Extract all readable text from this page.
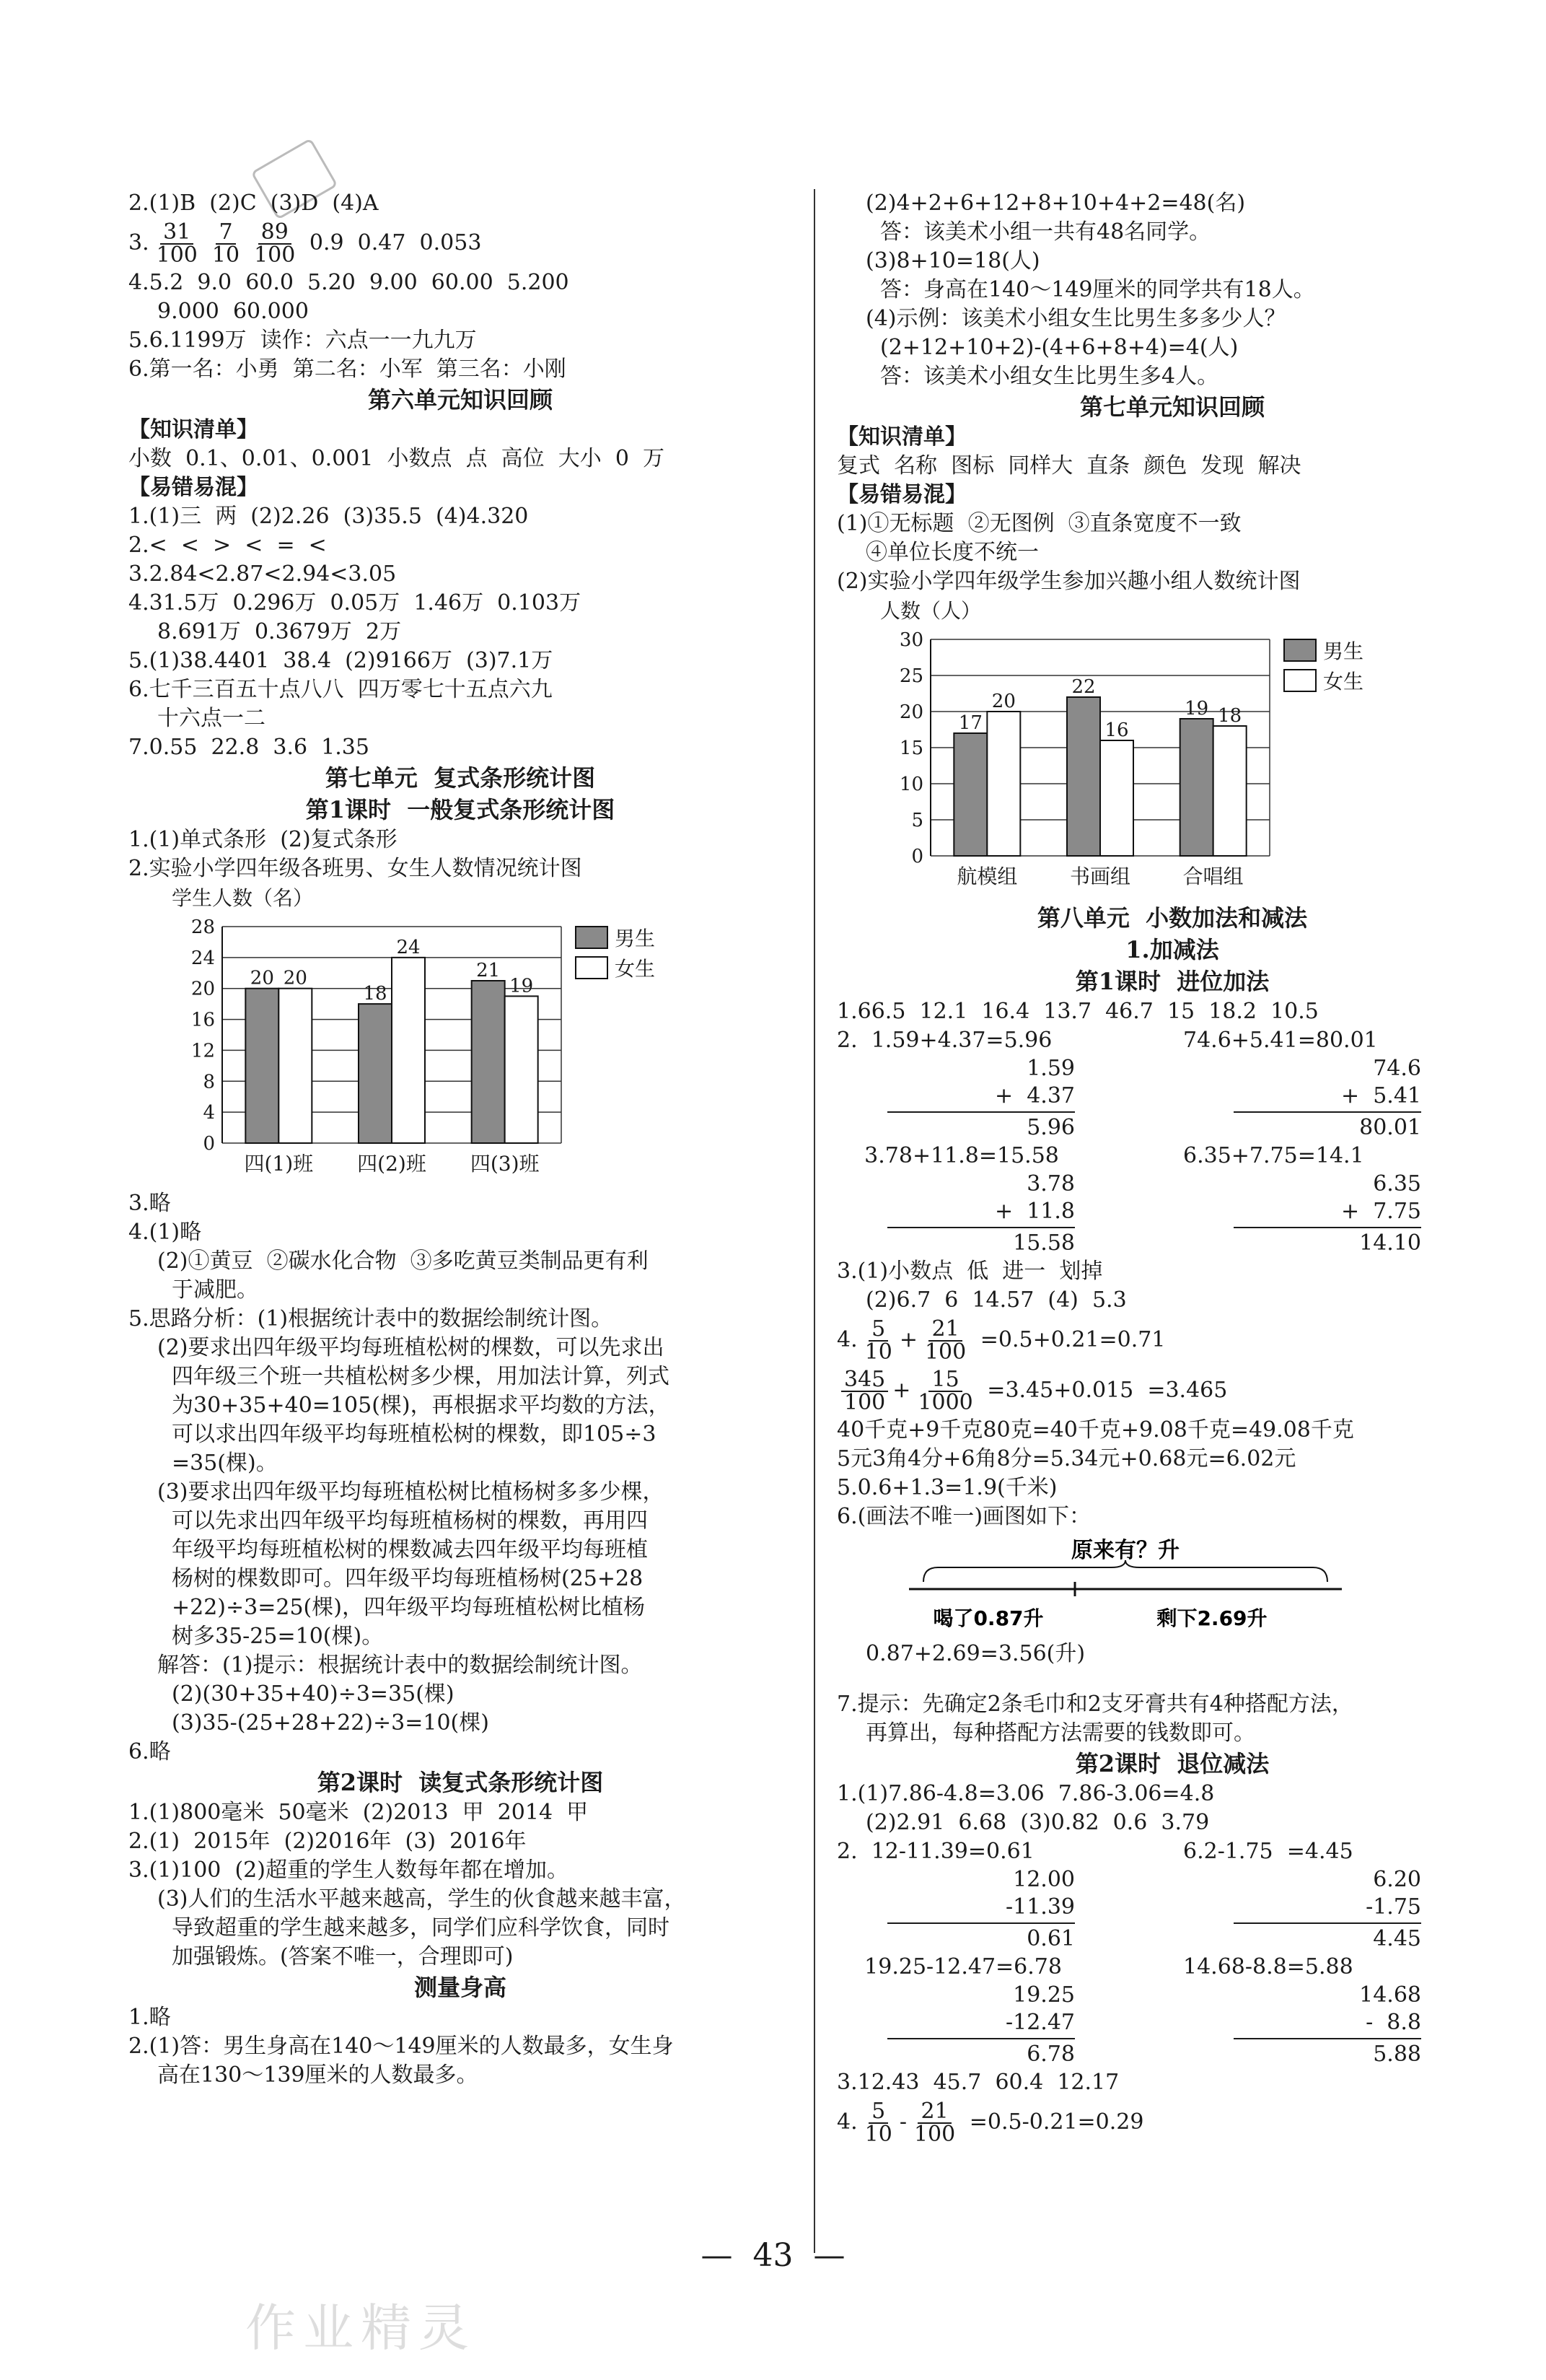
2.(1)B  (2)C  (3)D  (4)A
3. $\frac{31}{100} \frac{7}{10} \frac{89}{100} 0.9$  0.47  0.053
4.5.2  9.0  60.0  5.20  9.00  60.00  5.200
9.000  60.000
5.6.1199万  读作：六点一一九九万
6.第一名：小勇  第二名：小军  第三名：小刚
第六单元知识回顾
【知识清单】
小数  0.1、0.01、0.001  小数点  点  高位  大小  0  万
【易错易混】
1.(1)三  两  (2)2.26  (3)35.5  (4)4.320
2.<  <  >  <  =  <
3.2.84<2.87<2.94<3.05
4.31.5万  0.296万  0.05万  1.46万  0.103万
8.691万  0.3679万  2万
5.(1)38.4401  38.4  (2)9166万  (3)7.1万
6.七千三百五十点八八  四万零七十五点六九
十六点一二
7.0.55  22.8  3.6  1.35
第七单元  复式条形统计图
第1课时  一般复式条形统计图
1.(1)单式条形  (2)复式条形
2.实验小学四年级各班男、女生人数情况统计图
学生人数（名）
0
4
8
12
16
20
24
28
20 20
四(1)班
18
24
四(2)班
21
19
四(3)班
男生
女生
3.略
4.(1)略
(2)①黄豆  ②碳水化合物  ③多吃黄豆类制品更有利
于减肥。
5.思路分析：(1)根据统计表中的数据绘制统计图。
(2)要求出四年级平均每班植松树的棵数，可以先求出
四年级三个班一共植松树多少棵，用加法计算，列式
为30+35+40=105(棵)，再根据求平均数的方法，
可以求出四年级平均每班植松树的棵数，即105÷3
=35(棵)。
(3)要求出四年级平均每班植松树比植杨树多多少棵，
可以先求出四年级平均每班植杨树的棵数，再用四
年级平均每班植松树的棵数减去四年级平均每班植
杨树的棵数即可。四年级平均每班植杨树(25+28
+22)÷3=25(棵)，四年级平均每班植松树比植杨
树多35-25=10(棵)。
解答：(1)提示：根据统计表中的数据绘制统计图。
(2)(30+35+40)÷3=35(棵)
(3)35-(25+28+22)÷3=10(棵)
6.略
第2课时  读复式条形统计图
1.(1)800毫米  50毫米  (2)2013  甲  2014  甲
2.(1)  2015年  (2)2016年  (3)  2016年
3.(1)100  (2)超重的学生人数每年都在增加。
(3)人们的生活水平越来越高，学生的伙食越来越丰富，
导致超重的学生越来越多，同学们应科学饮食，同时
加强锻炼。(答案不唯一，合理即可)
测量身高
1.略
2.(1)答：男生身高在140～149厘米的人数最多，女生身
高在130～139厘米的人数最多。
(2)4+2+6+12+8+10+4+2=48(名)
答：该美术小组一共有48名同学。
(3)8+10=18(人)
答：身高在140～149厘米的同学共有18人。
(4)示例：该美术小组女生比男生多多少人？
(2+12+10+2)-(4+6+8+4)=4(人)
答：该美术小组女生比男生多4人。
第七单元知识回顾
【知识清单】
复式  名称  图标  同样大  直条  颜色  发现  解决
【易错易混】
(1)①无标题  ②无图例  ③直条宽度不一致
④单位长度不统一
(2)实验小学四年级学生参加兴趣小组人数统计图
人数（人）
0
5
10
15
20
25
30
17
20
航模组
22
16
书画组
19 18
合唱组
男生
女生
第八单元  小数加法和减法
1.加减法
第1课时  进位加法
1.66.5  12.1  16.4  13.7  46.7  15  18.2  10.5
2.  1.59+4.37=5.96
1.59
+  4.37
5.96
74.6+5.41=80.01
74.6
+  5.41
80.01
3.78+11.8=15.58
3.78
+  11.8
15.58
6.35+7.75=14.1
6.35
+  7.75
14.10
3.(1)小数点  低  进一  划掉
(2)6.7  6  14.57  (4)  5.3
4. $\frac{5}{10} + \frac{21}{100} =0.5+0.21=0.71$
$\frac{345}{100} + \frac{15}{1000} =3.45+0.015 =3.465$
40千克+9千克80克=40千克+9.08千克=49.08千克
5元3角4分+6角8分=5.34元+0.68元=6.02元
5.0.6+1.3=1.9(千米)
6.(画法不唯一)画图如下：
原来有？升
喝了0.87升	剩下2.69升
0.87+2.69=3.56(升)
7.提示：先确定2条毛巾和2支牙膏共有4种搭配方法，
再算出，每种搭配方法需要的钱数即可。
第2课时  退位减法
1.(1)7.86-4.8=3.06  7.86-3.06=4.8
(2)2.91  6.68  (3)0.82  0.6  3.79
2.  12-11.39=0.61
12.00
-11.39
0.61
6.2-1.75  =4.45
6.20
-1.75
4.45
19.25-12.47=6.78
19.25
-12.47
6.78
14.68-8.8=5.88
14.68
-  8.8
5.88
3.12.43  45.7  60.4  12.17
4. $\frac{5}{10} - \frac{21}{100} =0.5-0.21=0.29$
—  43  —
作业精灵
